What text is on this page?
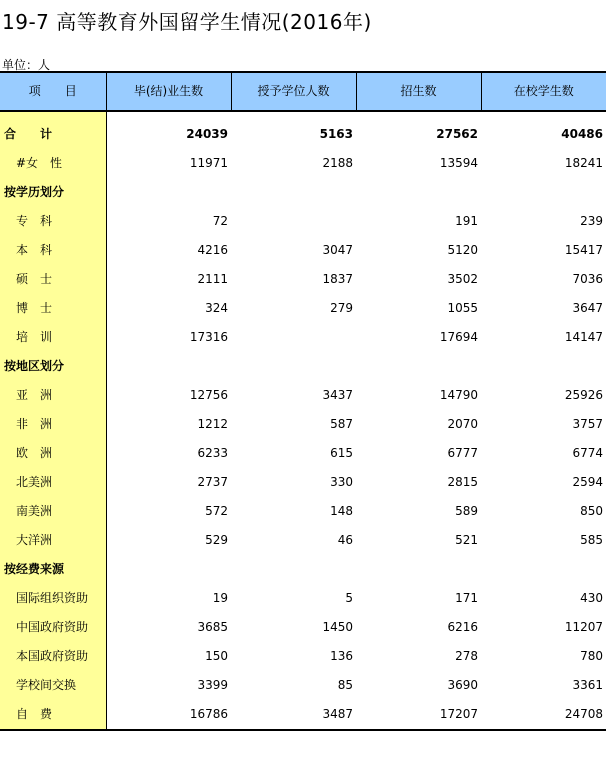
19-7 高等教育外国留学生情况(2016年)
单位：人
项　　目	毕(结)业生数	授予学位人数	招生数	在校学生数

合　　计	24039	5163	27562	40486
　#女　性	11971	2188	13594	18241
按学历划分				
　专　科	72		191	239
　本　科	4216	3047	5120	15417
　硕　士	2111	1837	3502	7036
　博　士	324	279	1055	3647
　培　训	17316		17694	14147
按地区划分				
　亚　洲	12756	3437	14790	25926
　非　洲	1212	587	2070	3757
　欧　洲	6233	615	6777	6774
　北美洲	2737	330	2815	2594
　南美洲	572	148	589	850
　大洋洲	529	46	521	585
按经费来源				
　国际组织资助	19	5	171	430
　中国政府资助	3685	1450	6216	11207
　本国政府资助	150	136	278	780
　学校间交换	3399	85	3690	3361
　自　费	16786	3487	17207	24708
